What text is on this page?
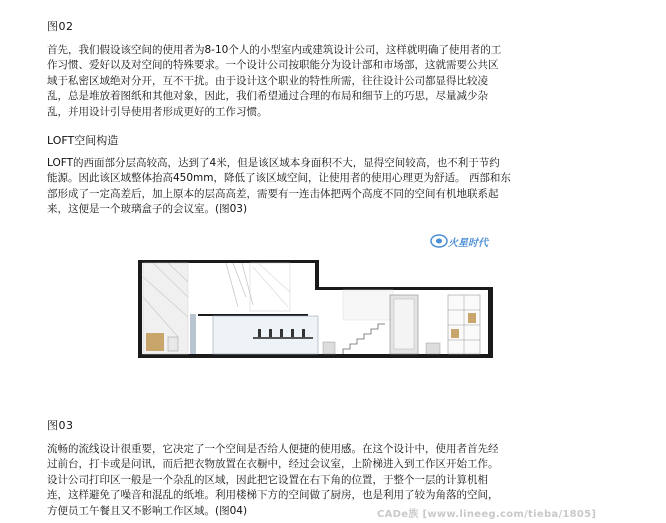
图02

首先，我们假设该空间的使用者为8-10个人的小型室内或建筑设计公司，这样就明确了使用者的工
作习惯、爱好以及对空间的特殊要求。一个设计公司按职能分为设计部和市场部，这就需要公共区
域于私密区域绝对分开，互不干扰。由于设计这个职业的特性所需，往往设计公司都显得比较凌
乱，总是堆放着图纸和其他对象，因此，我们希望通过合理的布局和细节上的巧思，尽量减少杂
乱，并用设计引导使用者形成更好的工作习惯。

LOFT空间构造

LOFT的西面部分层高较高，达到了4米，但是该区域本身面积不大，显得空间较高，也不利于节约
能源。因此该区域整体抬高450mm，降低了该区域空间，让使用者的使用心理更为舒适。 西部和东
部形成了一定高差后，加上原本的层高高差，需要有一连击体把两个高度不同的空间有机地联系起
来，这便是一个玻璃盒子的会议室。(图03)

火星时代
图03

流畅的流线设计很重要，它决定了一个空间是否给人便捷的使用感。在这个设计中，使用者首先经
过前台，打卡或是问讯，而后把衣物放置在衣橱中，经过会议室，上阶梯进入到工作区开始工作。
设计公司打印区一般是一个杂乱的区域，因此把它设置在右下角的位置，于整个一层的计算机相
连，这样避免了噪音和混乱的纸堆。利用楼梯下方的空间做了厨房，也是利用了较为角落的空间，
方便员工午餐且又不影响工作区域。(图04)	CADe族 [www.lineeg.com/tieba/1805]
